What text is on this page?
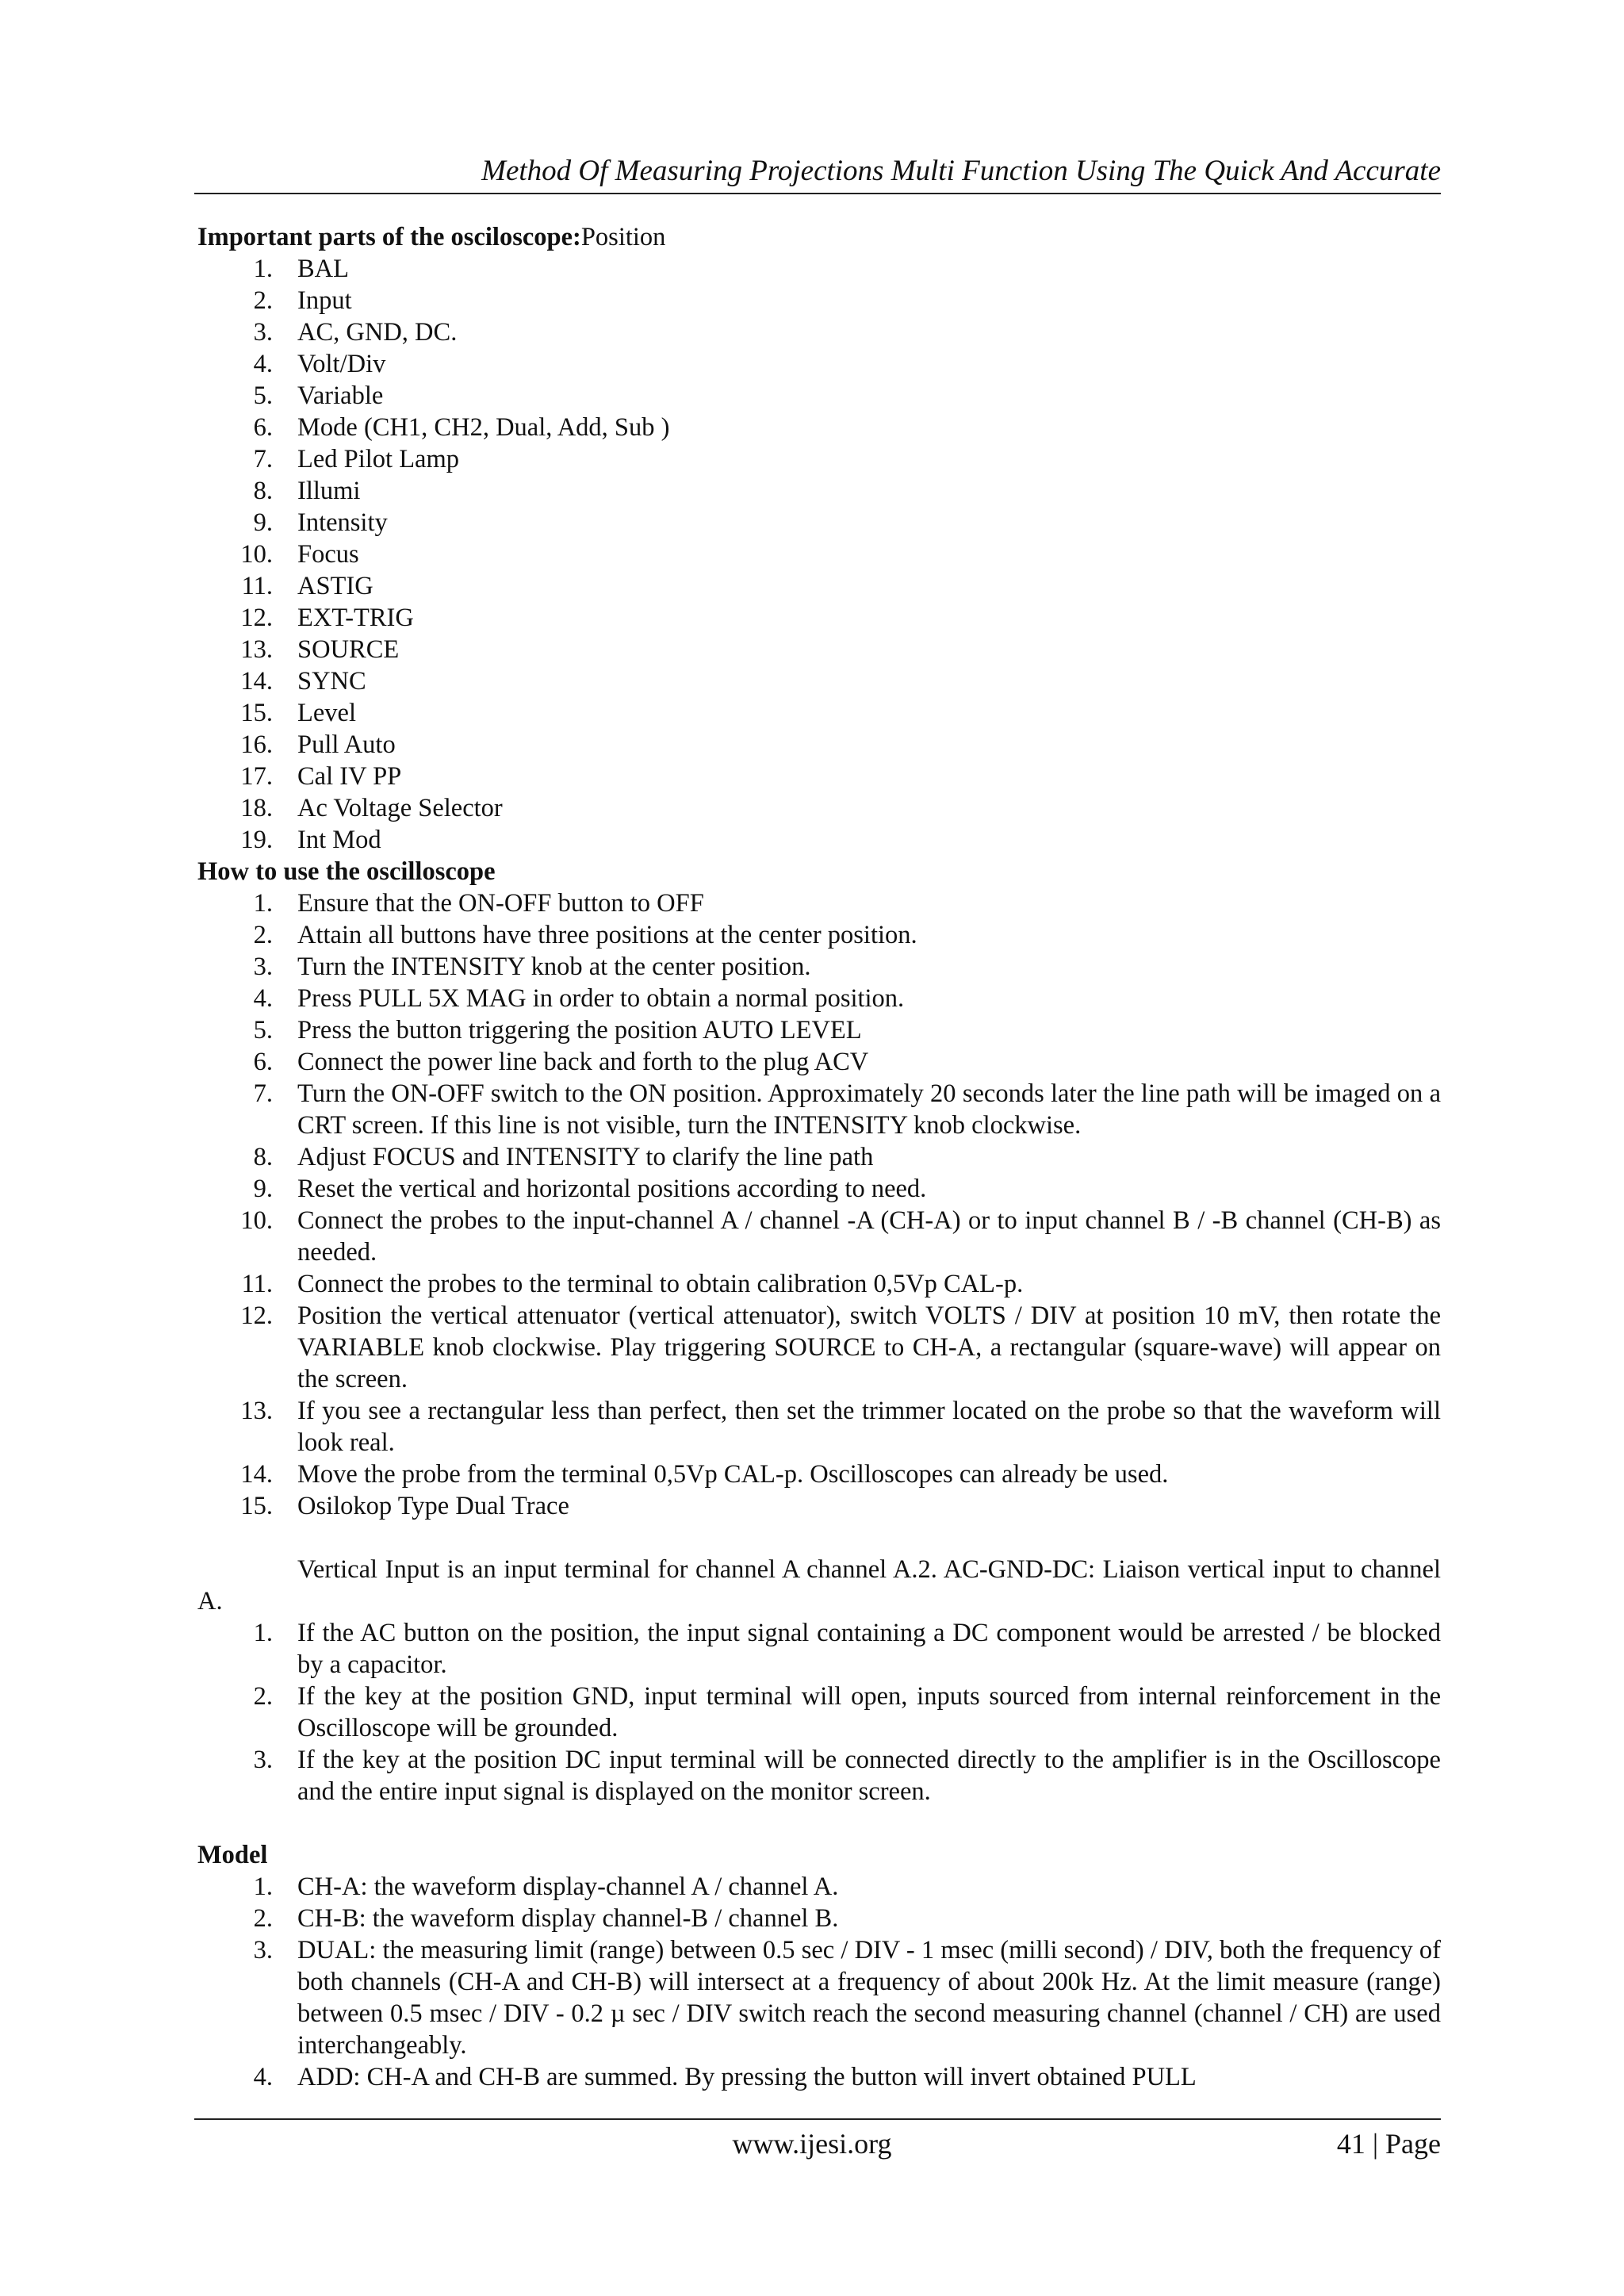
Method Of Measuring Projections Multi Function Using The Quick And Accurate

Important parts of the osciloscope:Position

1. BAL
2. Input
3. AC, GND, DC.
4. Volt/Div
5. Variable
6. Mode (CH1, CH2, Dual, Add, Sub )
7. Led Pilot Lamp
8. Illumi
9. Intensity
10. Focus
11. ASTIG
12. EXT-TRIG
13. SOURCE
14. SYNC
15. Level
16. Pull Auto
17. Cal IV PP
18. Ac Voltage Selector
19. Int Mod

How to use the oscilloscope

1. Ensure that the ON-OFF button to OFF
2. Attain all buttons have three positions at the center position.
3. Turn the INTENSITY knob at the center position.
4. Press PULL 5X MAG in order to obtain a normal position.
5. Press the button triggering the position AUTO LEVEL
6. Connect the power line back and forth to the plug ACV
7. Turn the ON-OFF switch to the ON position. Approximately 20 seconds later the line path will be imaged on a CRT screen. If this line is not visible, turn the INTENSITY knob clockwise.
8. Adjust FOCUS and INTENSITY to clarify the line path
9. Reset the vertical and horizontal positions according to need.
10. Connect the probes to the input-channel A / channel -A (CH-A) or to input channel B / -B channel (CH-B) as needed.
11. Connect the probes to the terminal to obtain calibration 0,5Vp CAL-p.
12. Position the vertical attenuator (vertical attenuator), switch VOLTS / DIV at position 10 mV, then rotate the VARIABLE knob clockwise. Play triggering SOURCE to CH-A, a rectangular (square-wave) will appear on the screen.
13. If you see a rectangular less than perfect, then set the trimmer located on the probe so that the waveform will look real.
14. Move the probe from the terminal 0,5Vp CAL-p. Oscilloscopes can already be used.
15. Osilokop Type Dual Trace

Vertical Input is an input terminal for channel A channel A.2. AC-GND-DC: Liaison vertical input to channel A.

1. If the AC button on the position, the input signal containing a DC component would be arrested / be blocked by a capacitor.
2. If the key at the position GND, input terminal will open, inputs sourced from internal reinforcement in the Oscilloscope will be grounded.
3. If the key at the position DC input terminal will be connected directly to the amplifier is in the Oscilloscope and the entire input signal is displayed on the monitor screen.

Model

1. CH-A: the waveform display-channel A / channel A.
2. CH-B: the waveform display channel-B / channel B.
3. DUAL: the measuring limit (range) between 0.5 sec / DIV - 1 msec (milli second) / DIV, both the frequency of both channels (CH-A and CH-B) will intersect at a frequency of about 200k Hz. At the limit measure (range) between 0.5 msec / DIV - 0.2 µ sec / DIV switch reach the second measuring channel (channel / CH) are used interchangeably.
4. ADD: CH-A and CH-B are summed. By pressing the button will invert obtained PULL
www.ijesi.org	41 | Page
